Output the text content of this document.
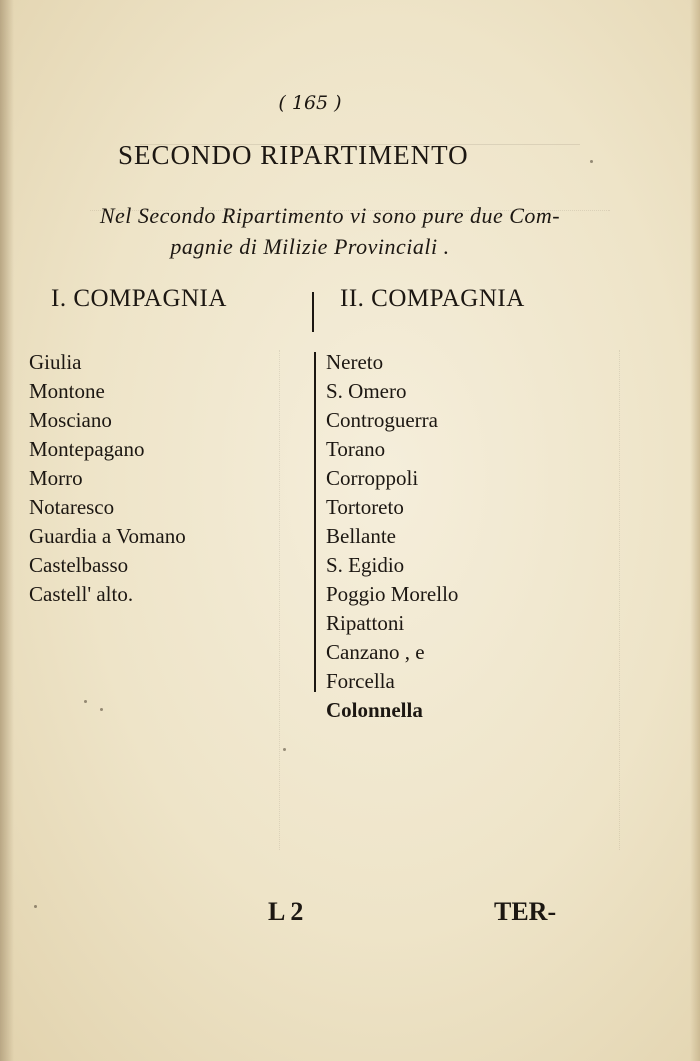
( 165 )
SECONDO RIPARTIMENTO
Nel Secondo Ripartimento vi sono pure due Com-
pagnie di Milizie Provinciali .
I. COMPAGNIA	II. COMPAGNIA
Giulia
Montone
Mosciano
Montepagano
Morro
Notaresco
Guardia a Vomano
Castelbasso
Castell' alto.
Nereto
S. Omero
Controguerra
Torano
Corroppoli
Tortoreto
Bellante
S. Egidio
Poggio Morello
Ripattoni
Canzano , e
Forcella
Colonnella
L 2	TER-
